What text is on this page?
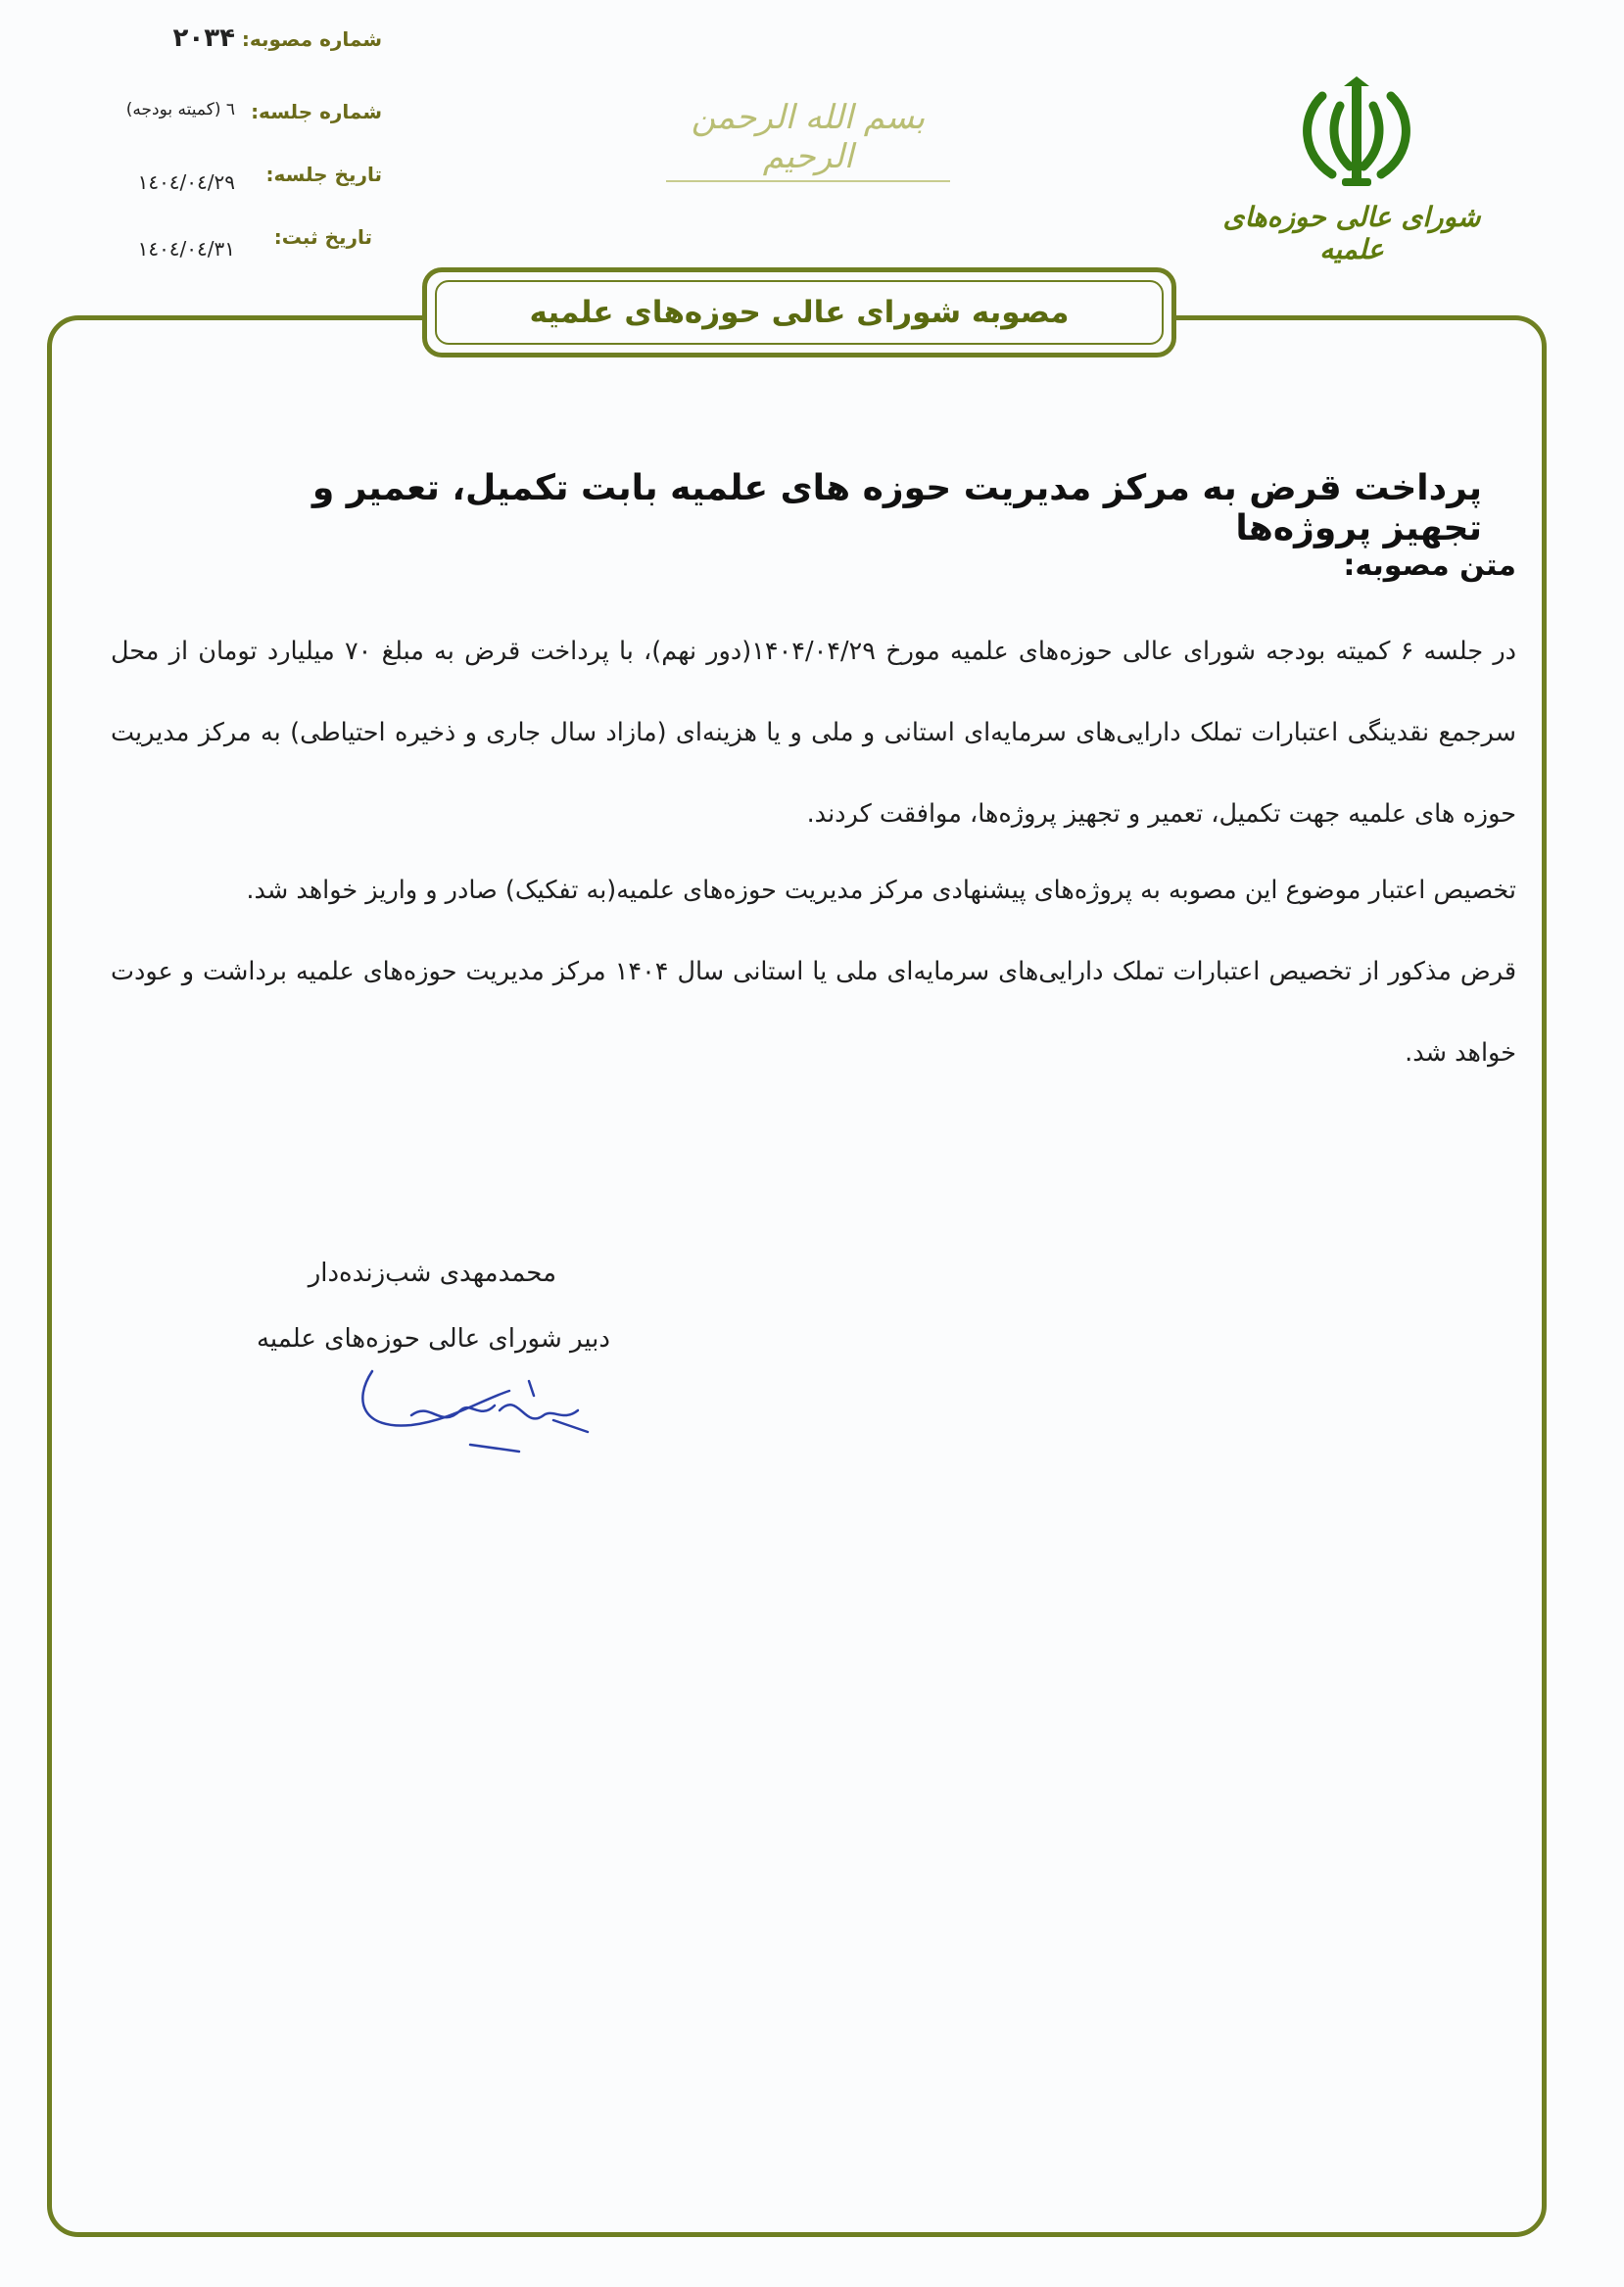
شماره مصوبه:
۲۰۳۴
شماره جلسه:
٦ (کمیته بودجه)
تاریخ جلسه:
١٤٠٤/٠٤/٢٩
تاریخ ثبت:
١٤٠٤/٠٤/٣١
بسم الله الرحمن الرحیم
شورای عالی حوزه‌های علمیه
مصوبه شورای عالی حوزه‌های علمیه
پرداخت قرض به مرکز مدیریت حوزه های علمیه بابت تکمیل، تعمیر و تجهیز پروژه‌ها
متن مصوبه:
در جلسه ۶ کمیته بودجه شورای عالی حوزه‌های علمیه مورخ ۱۴۰۴/۰۴/۲۹(دور نهم)، با پرداخت قرض به مبلغ ۷۰ میلیارد تومان از محل سرجمع نقدینگی اعتبارات تملک دارایی‌های سرمایه‌ای استانی و ملی و یا هزینه‌ای (مازاد سال جاری و ذخیره احتیاطی) به مرکز مدیریت حوزه های علمیه جهت تکمیل، تعمیر و تجهیز پروژه‌ها، موافقت کردند.
تخصیص اعتبار موضوع این مصوبه به پروژه‌های پیشنهادی مرکز مدیریت حوزه‌های علمیه(به تفکیک) صادر و واریز خواهد شد.
قرض مذکور از تخصیص اعتبارات تملک دارایی‌های سرمایه‌ای ملی یا استانی سال ۱۴۰۴ مرکز مدیریت حوزه‌های علمیه برداشت و عودت خواهد شد.
محمدمهدی شب‌زنده‌دار
دبیر شورای عالی حوزه‌های علمیه
